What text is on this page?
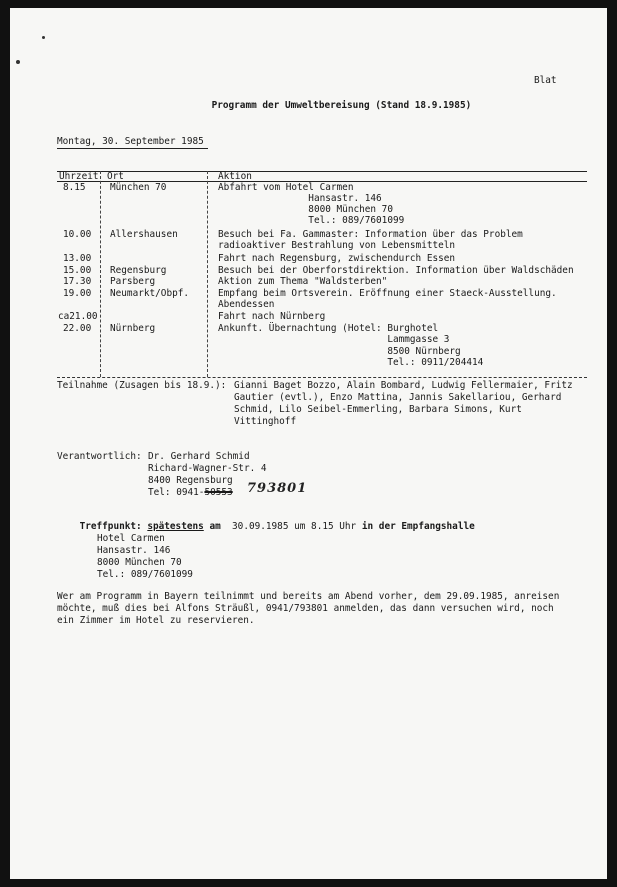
Blat

Programm der Umweltbereisung (Stand 18.9.1985)

Montag, 30. September 1985
Uhrzeit Ort	Aktion
8.15	München 70	Abfahrt vom Hotel Carmen
Hansastr. 146
8000 München 70
Tel.: 089/7601099
10.00 Allershausen	Besuch bei Fa. Gammaster: Information über das Problem
radioaktiver Bestrahlung von Lebensmitteln
13.00	Fahrt nach Regensburg, zwischendurch Essen
15.00 Regensburg	Besuch bei der Oberforstdirektion. Information über Waldschäden
17.30 Parsberg	Aktion zum Thema "Waldsterben"
19.00 Neumarkt/Obpf.	Empfang beim Ortsverein. Eröffnung einer Staeck-Ausstellung.
Abendessen
ca21.00	Fahrt nach Nürnberg
22.00 Nürnberg	Ankunft. Übernachtung (Hotel: Burghotel
Lammgasse 3
8500 Nürnberg
Tel.: 0911/204414
Teilnahme (Zusagen bis 18.9.): Gianni Baget Bozzo, Alain Bombard, Ludwig Fellermaier, Fritz
Gautier (evtl.), Enzo Mattina, Jannis Sakellariou, Gerhard
Schmid, Lilo Seibel-Emmerling, Barbara Simons, Kurt
Vittinghoff
Verantwortlich: Dr. Gerhard Schmid
Richard-Wagner-Str. 4
8400 Regensburg
Tel: 0941-50553 793801

Treffpunkt: spätestens am 30.09.1985 um 8.15 Uhr in der Empfangshalle

Hotel Carmen
Hansastr. 146
8000 München 70
Tel.: 089/7601099
Wer am Programm in Bayern teilnimmt und bereits am Abend vorher, dem 29.09.1985, anreisen
möchte, muß dies bei Alfons Sträußl, 0941/793801 anmelden, das dann versuchen wird, noch
ein Zimmer im Hotel zu reservieren.
